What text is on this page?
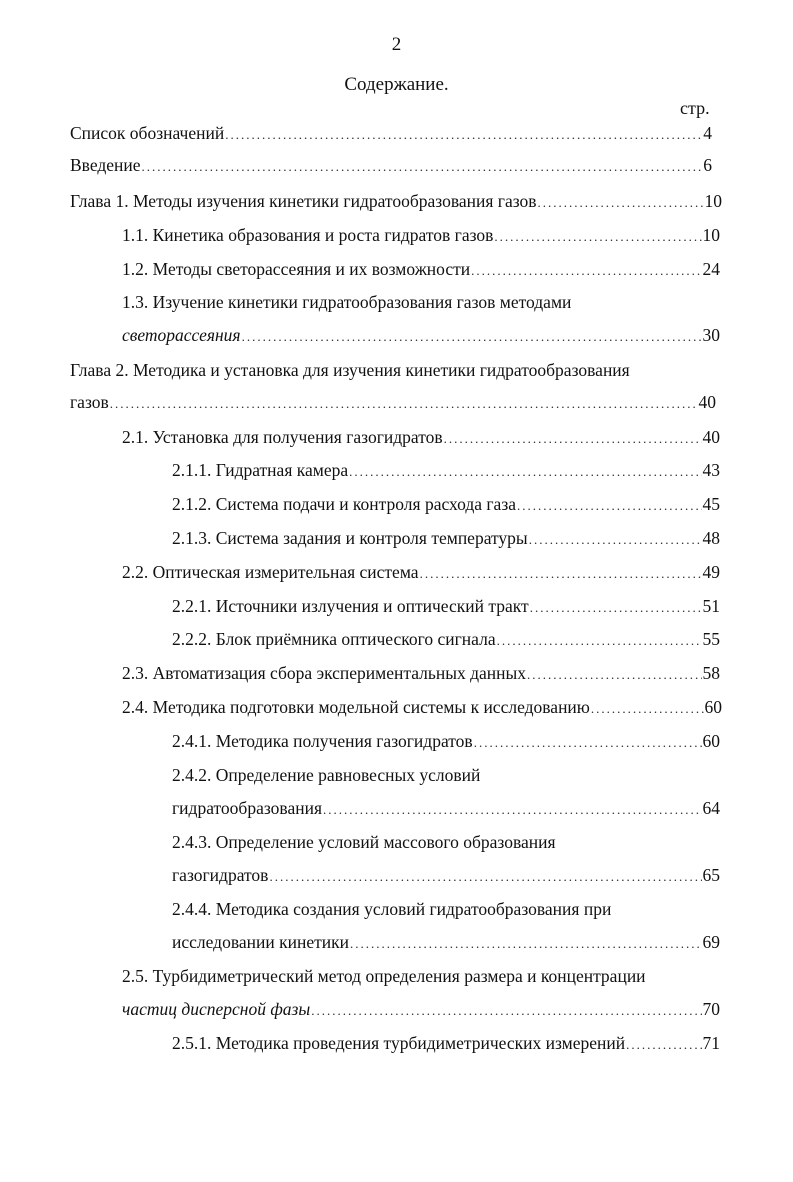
2
Содержание.
стр.
Список обозначений .....	4
Введение .....	6
Глава 1. Методы изучения кинетики гидратообразования газов .....	10
1.1. Кинетика образования и роста гидратов газов .....	10
1.2. Методы светорассеяния и их возможности .....	24
1.3. Изучение кинетики гидратообразования газов методами
светорассеяния .....	30
Глава 2. Методика и установка для изучения кинетики гидратообразования
газов .....	40
2.1. Установка для получения газогидратов .....	40
2.1.1. Гидратная камера .....	43
2.1.2. Система подачи и контроля расхода газа .....	45
2.1.3. Система задания и контроля температуры .....	48
2.2. Оптическая измерительная система .....	49
2.2.1. Источники излучения и оптический тракт .....	51
2.2.2. Блок приёмника оптического сигнала .....	55
2.3. Автоматизация сбора экспериментальных данных .....	58
2.4. Методика подготовки модельной системы к исследованию .....	60
2.4.1. Методика получения газогидратов .....	60
2.4.2. Определение равновесных условий
гидратообразования .....	64
2.4.3. Определение условий массового образования
газогидратов .....	65
2.4.4. Методика создания условий гидратообразования при
исследовании кинетики .....	69
2.5. Турбидиметрический метод определения размера и концентрации
частиц дисперсной фазы .....	70
2.5.1. Методика проведения турбидиметрических измерений .....	71
